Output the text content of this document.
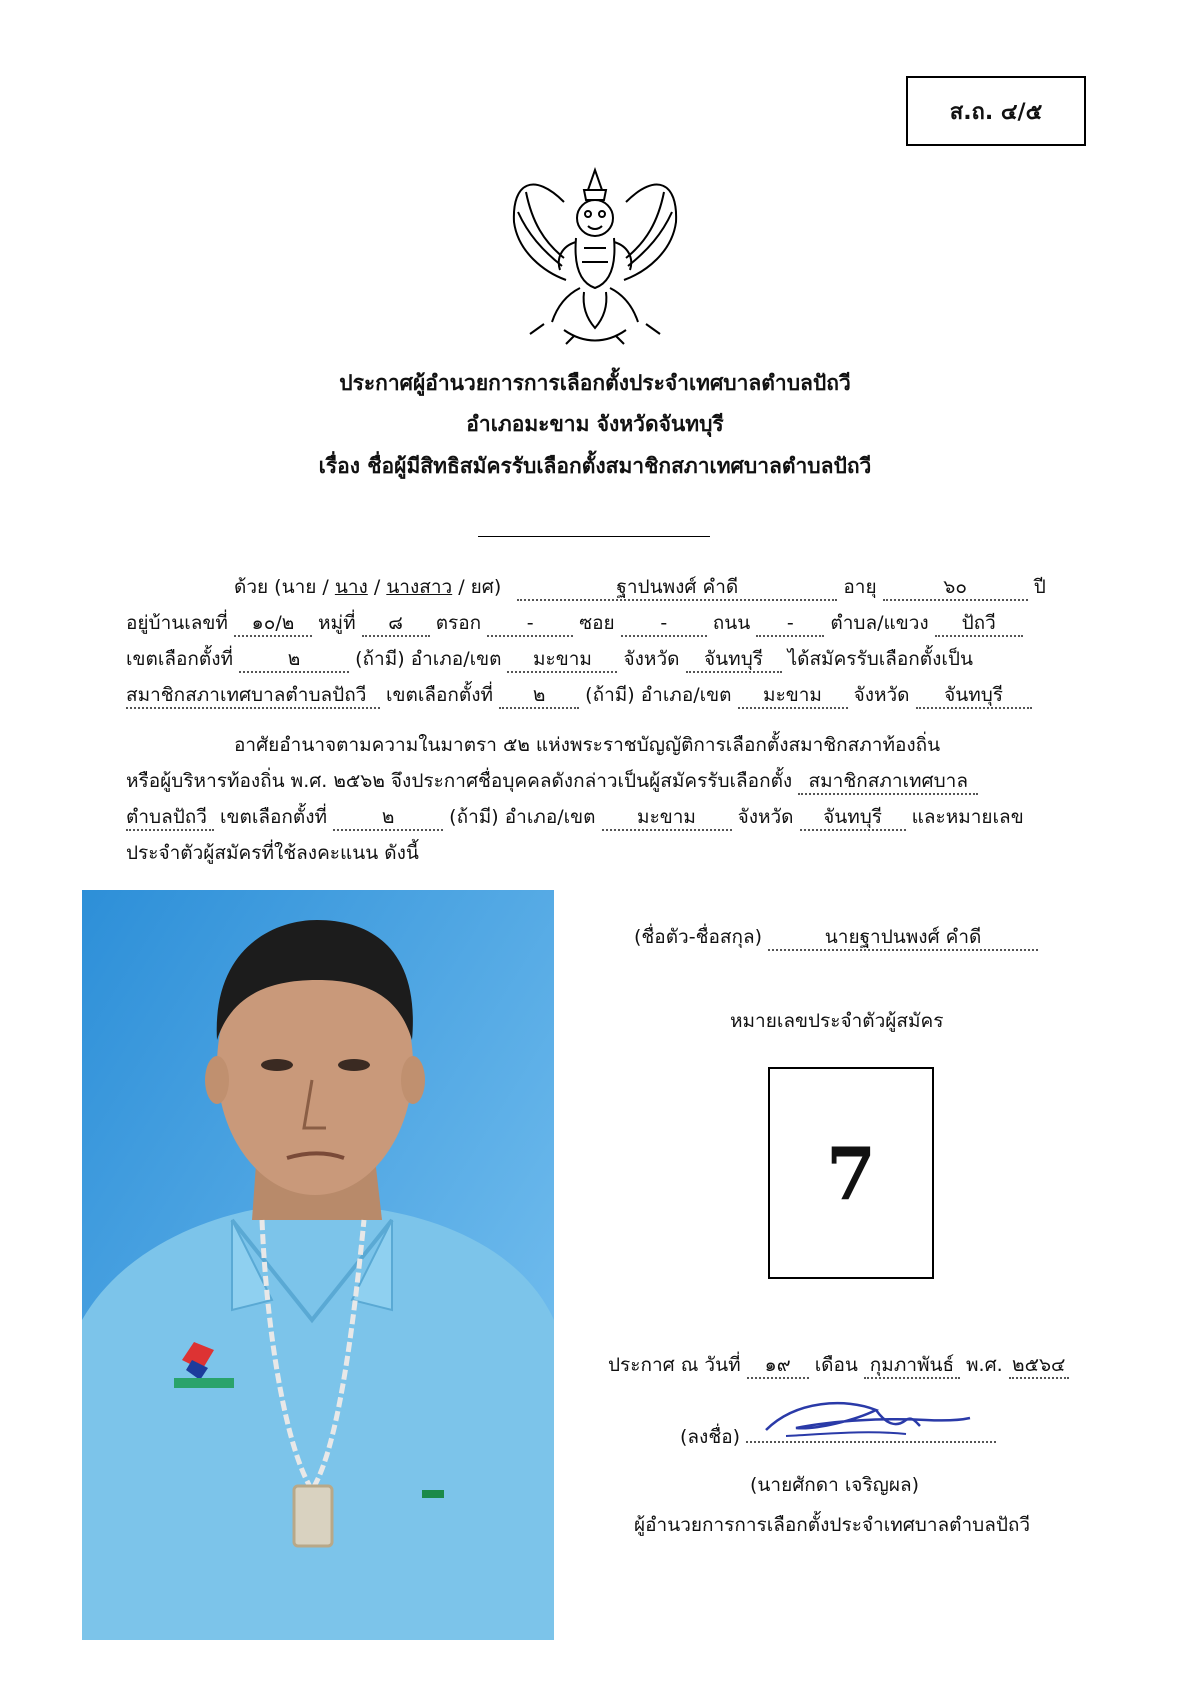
ส.ถ. ๔/๕
ประกาศผู้อำนวยการการเลือกตั้งประจำเทศบาลตำบลปัถวี
อำเภอมะขาม จังหวัดจันทบุรี
เรื่อง ชื่อผู้มีสิทธิสมัครรับเลือกตั้งสมาชิกสภาเทศบาลตำบลปัถวี
ด้วย (นาย / นาง / นางสาว / ยศ)	ฐาปนพงศ์ คำดี	อายุ	๖๐	ปี
อยู่บ้านเลขที่ ๑๐/๒ หมู่ที่ ๘ ตรอก - ซอย - ถนน - ตำบล/แขวง ปัถวี
เขตเลือกตั้งที่	๒	(ถ้ามี) อำเภอ/เขต มะขาม จังหวัด จันทบุรี ได้สมัครรับเลือกตั้งเป็น
สมาชิกสภาเทศบาลตำบลปัถวี เขตเลือกตั้งที่ ๒ (ถ้ามี) อำเภอ/เขต มะขาม จังหวัด จันทบุรี
อาศัยอำนาจตามความในมาตรา ๕๒ แห่งพระราชบัญญัติการเลือกตั้งสมาชิกสภาท้องถิ่น
หรือผู้บริหารท้องถิ่น พ.ศ. ๒๕๖๒ จึงประกาศชื่อบุคคลดังกล่าวเป็นผู้สมัครรับเลือกตั้ง สมาชิกสภาเทศบาล
ตำบลปัถวี เขตเลือกตั้งที่	๒	(ถ้ามี) อำเภอ/เขต มะขาม จังหวัด จันทบุรี และหมายเลข
ประจำตัวผู้สมัครที่ใช้ลงคะแนน ดังนี้
(ชื่อตัว-ชื่อสกุล)	นายฐาปนพงศ์ คำดี
หมายเลขประจำตัวผู้สมัคร
7
ประกาศ ณ วันที่ ๑๙ เดือน กุมภาพันธ์ พ.ศ. ๒๕๖๔
(ลงชื่อ)
(นายศักดา เจริญผล)
ผู้อำนวยการการเลือกตั้งประจำเทศบาลตำบลปัถวี
